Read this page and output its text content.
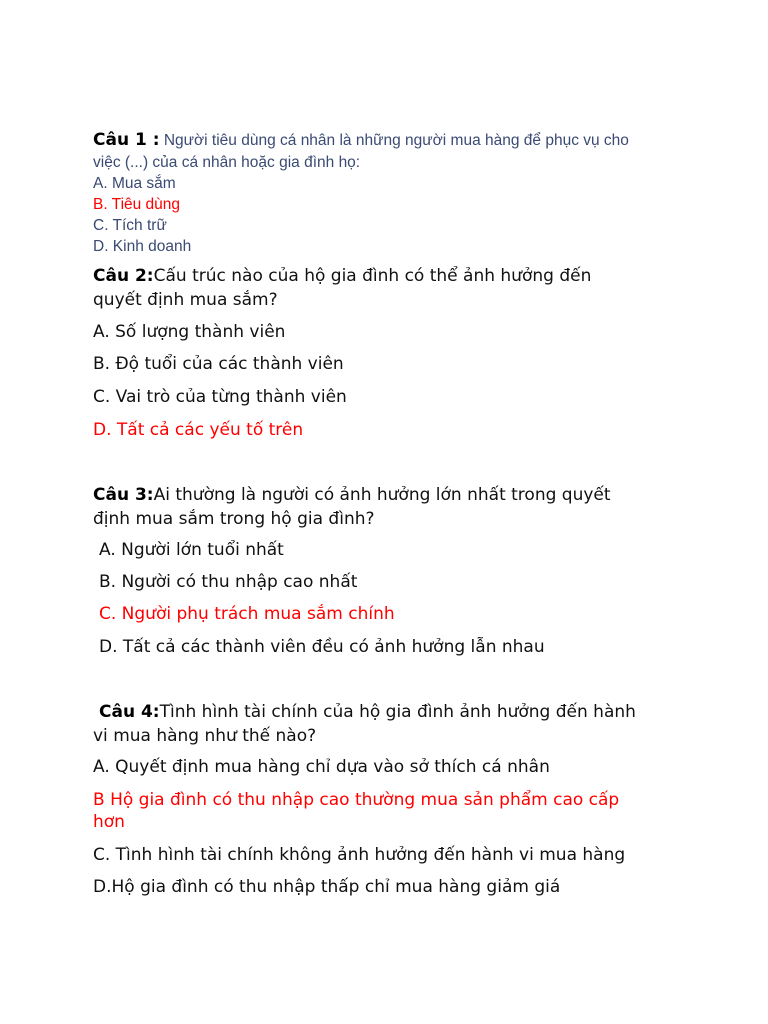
Câu 1 : Người tiêu dùng cá nhân là những người mua hàng để phục vụ cho
việc (...) của cá nhân hoặc gia đình họ:
A. Mua sắm
B. Tiêu dùng
C. Tích trữ
D. Kinh doanh
Câu 2:Cấu trúc nào của hộ gia đình có thể ảnh hưởng đến
quyết định mua sắm?
A. Số lượng thành viên
B. Độ tuổi của các thành viên
C. Vai trò của từng thành viên
D. Tất cả các yếu tố trên
Câu 3:Ai thường là người có ảnh hưởng lớn nhất trong quyết
định mua sắm trong hộ gia đình?
A. Người lớn tuổi nhất
B. Người có thu nhập cao nhất
C. Người phụ trách mua sắm chính
D. Tất cả các thành viên đều có ảnh hưởng lẫn nhau
Câu 4:Tình hình tài chính của hộ gia đình ảnh hưởng đến hành
vi mua hàng như thế nào?
A. Quyết định mua hàng chỉ dựa vào sở thích cá nhân
B Hộ gia đình có thu nhập cao thường mua sản phẩm cao cấp
hơn
C. Tình hình tài chính không ảnh hưởng đến hành vi mua hàng
D.Hộ gia đình có thu nhập thấp chỉ mua hàng giảm giá
